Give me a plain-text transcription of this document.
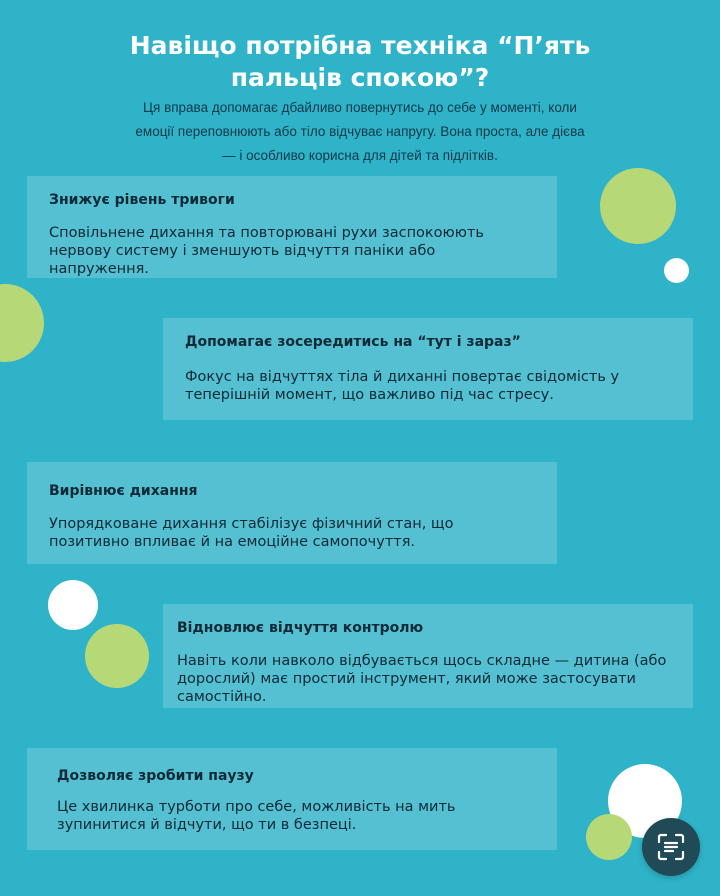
Навіщо потрібна техніка “П’ять
пальців спокою”?

Ця вправа допомагає дбайливо повернутись до себе у моменті, коли
емоції переповнюють або тіло відчуває напругу. Вона проста, але дієва
— і особливо корисна для дітей та підлітків.

Знижує рівень тривоги
Сповільнене дихання та повторювані рухи заспокоюють
нервову систему і зменшують відчуття паніки або
напруження.
Допомагає зосередитись на “тут і зараз”
Фокус на відчуттях тіла й диханні повертає свідомість у
теперішній момент, що важливо під час стресу.
Вирівнює дихання
Упорядковане дихання стабілізує фізичний стан, що
позитивно впливає й на емоційне самопочуття.
Відновлює відчуття контролю
Навіть коли навколо відбувається щось складне — дитина (або
дорослий) має простий інструмент, який може застосувати
самостійно.
Дозволяє зробити паузу
Це хвилинка турботи про себе, можливість на мить
зупинитися й відчути, що ти в безпеці.
